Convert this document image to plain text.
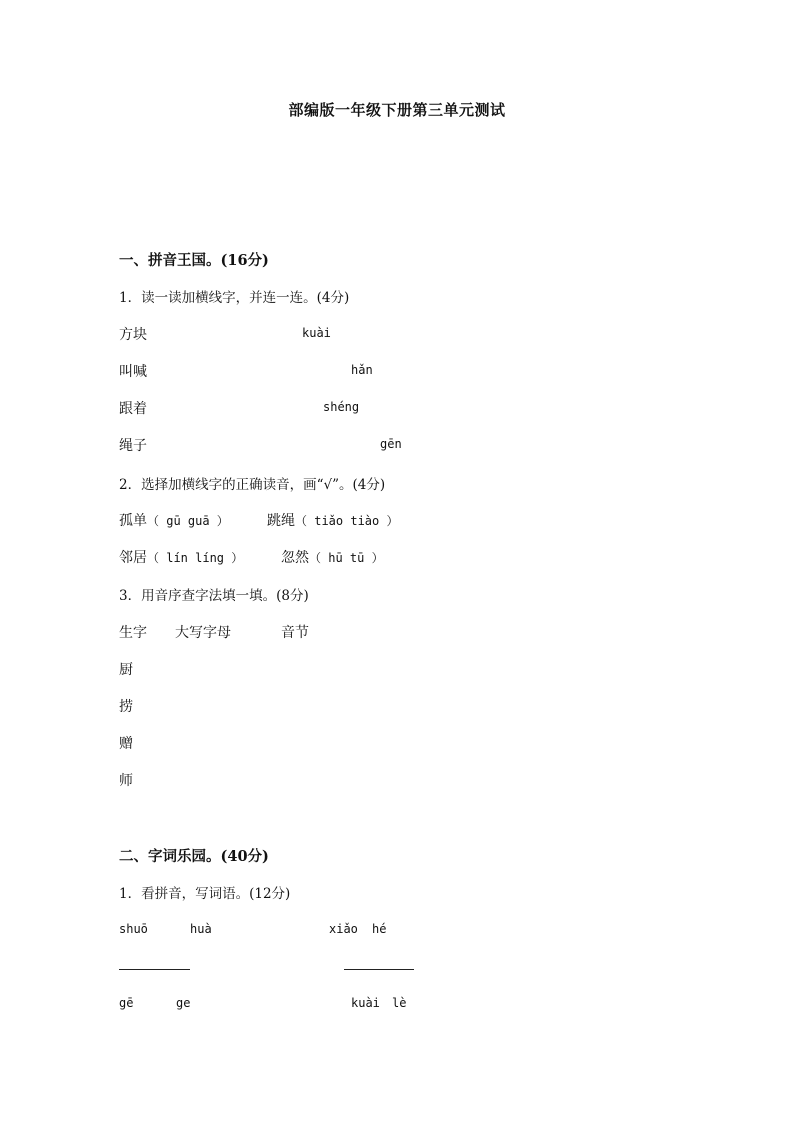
部编版一年级下册第三单元测试
一、拼音王国。(16分)
1．读一读加横线字，并连一连。(4分)
方块	kuài
叫喊	hǎn
跟着	shéng
绳子	gēn
2．选择加横线字的正确读音，画“√”。(4分)
孤单 （ gū guā ）	跳绳 （ tiǎo tiào ）
邻居 （ lín líng ）	忽然 （ hū tū ）
3．用音序查字法填一填。(8分)
生字 大写字母	音节
厨
捞
赠
师
二、字词乐园。(40分)
1．看拼音，写词语。(12分)
shuō	huà	xiǎo hé
gē	ge	kuài lè
